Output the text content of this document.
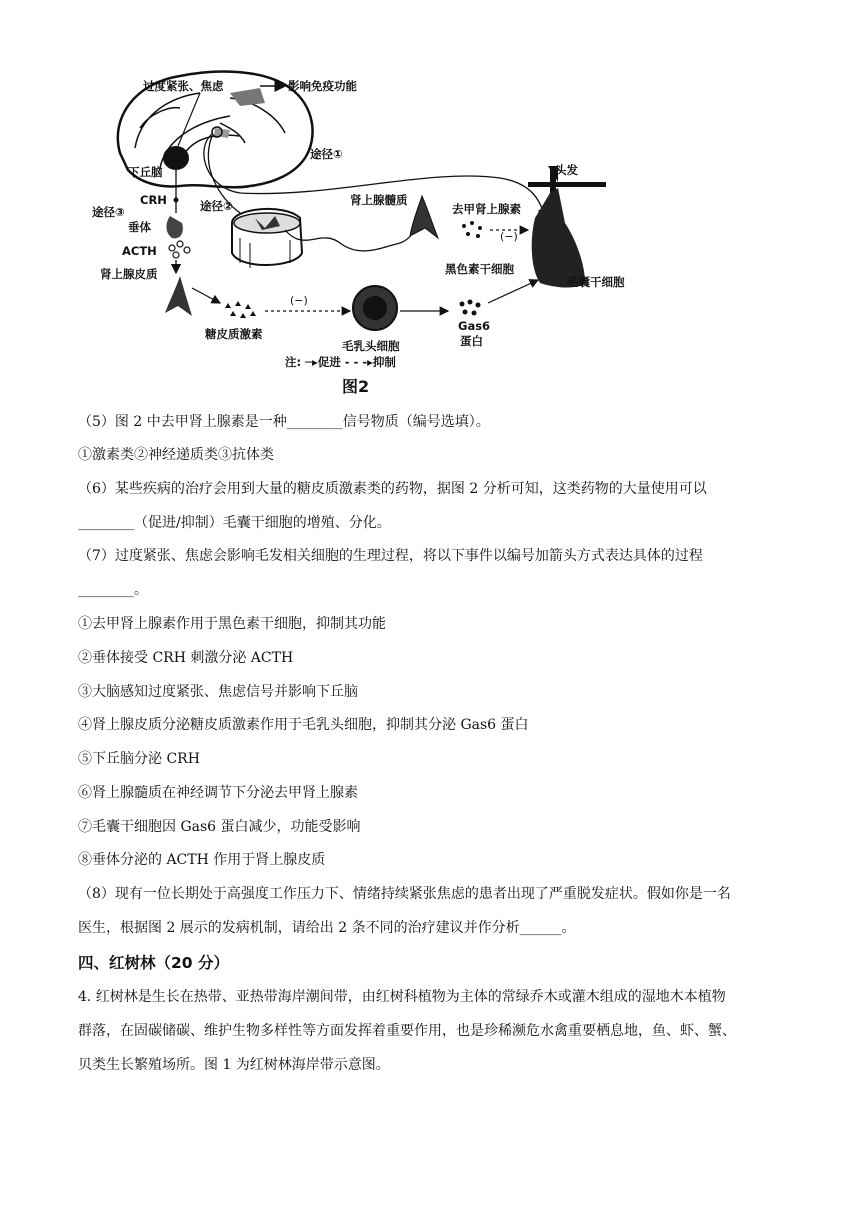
过度紧张、焦虑	影响免疫功能
途径①
途径②	肾上腺髓质
去甲肾上腺素
(−)
头发
黑色素干细胞
毛囊干细胞
下丘脑
CRH
途径③
垂体
ACTH
肾上腺皮质
糖皮质激素
(−)
毛乳头细胞
Gas6
蛋白
注: ─▸促进 - - -▸抑制
图2
（5）图 2 中去甲肾上腺素是一种________信号物质（编号选填）。
①激素类②神经递质类③抗体类
（6）某些疾病的治疗会用到大量的糖皮质激素类的药物，据图 2 分析可知，这类药物的大量使用可以
________（促进/抑制）毛囊干细胞的增殖、分化。
（7）过度紧张、焦虑会影响毛发相关细胞的生理过程，将以下事件以编号加箭头方式表达具体的过程
________。
①去甲肾上腺素作用于黑色素干细胞，抑制其功能
②垂体接受 CRH 刺激分泌 ACTH
③大脑感知过度紧张、焦虑信号并影响下丘脑
④肾上腺皮质分泌糖皮质激素作用于毛乳头细胞，抑制其分泌 Gas6 蛋白
⑤下丘脑分泌 CRH
⑥肾上腺髓质在神经调节下分泌去甲肾上腺素
⑦毛囊干细胞因 Gas6 蛋白减少，功能受影响
⑧垂体分泌的 ACTH 作用于肾上腺皮质
（8）现有一位长期处于高强度工作压力下、情绪持续紧张焦虑的患者出现了严重脱发症状。假如你是一名
医生，根据图 2 展示的发病机制，请给出 2 条不同的治疗建议并作分析______。
四、红树林（20 分）
4. 红树林是生长在热带、亚热带海岸潮间带，由红树科植物为主体的常绿乔木或灌木组成的湿地木本植物
群落，在固碳储碳、维护生物多样性等方面发挥着重要作用，也是珍稀濒危水禽重要栖息地，鱼、虾、蟹、
贝类生长繁殖场所。图 1 为红树林海岸带示意图。
